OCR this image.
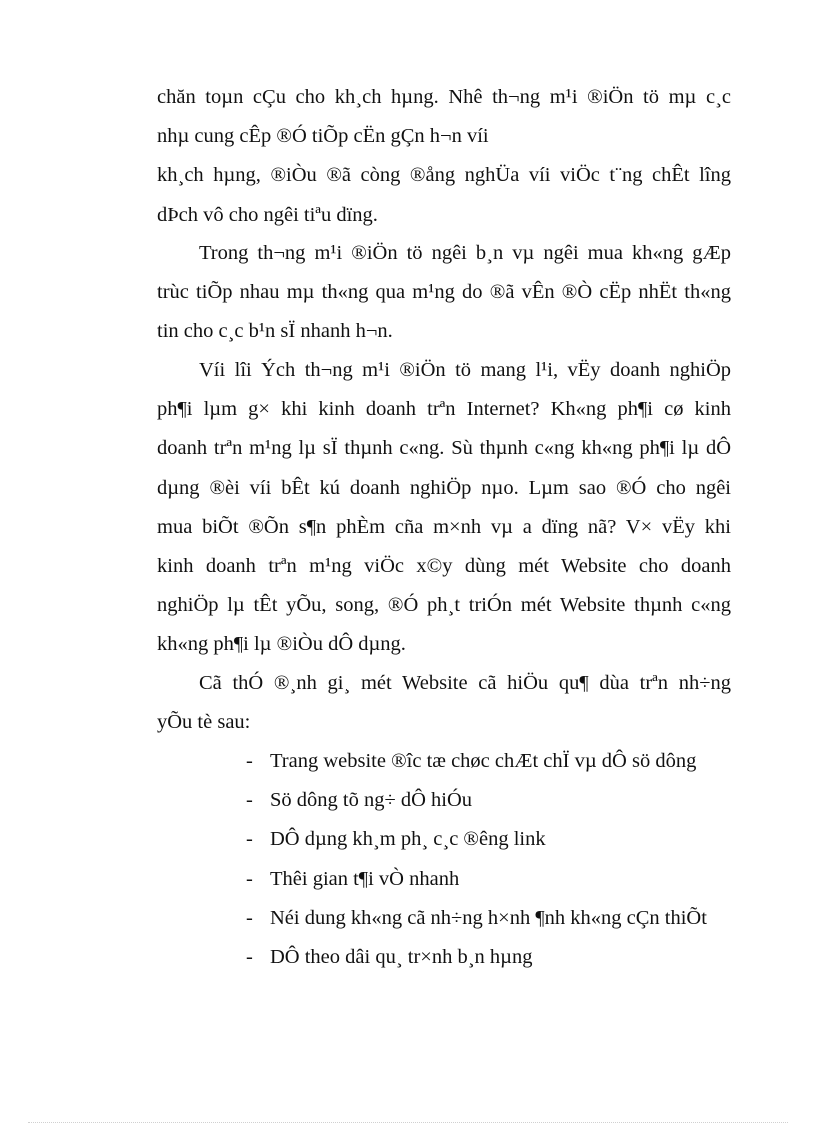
chăn toµn cÇu cho kh¸ch hµng. Nhê th¬ng m¹i ®iÖn tö mµ c¸c
nhµ cung cÊp ®Ó tiÕp cËn gÇn h¬n víi
kh¸ch hµng, ®iÒu ®ã còng ®ång nghÜa víi viÖc t¨ng chÊt lîng
dÞch vô cho ngêi tiªu dïng.
Trong th¬ng m¹i ®iÖn tö ngêi b¸n vµ ngêi mua kh«ng gÆp
trùc tiÕp nhau mµ th«ng qua m¹ng do ®ã vÊn ®Ò cËp nhËt th«ng
tin cho c¸c b¹n sÏ nhanh h¬n.
Víi lîi Ých th¬ng m¹i ®iÖn tö mang l¹i, vËy doanh nghiÖp
ph¶i lµm g× khi kinh doanh trªn Internet? Kh«ng ph¶i cø kinh
doanh trªn m¹ng lµ sÏ thµnh c«ng. Sù thµnh c«ng kh«ng ph¶i lµ dÔ
dµng ®èi víi bÊt kú doanh nghiÖp nµo. Lµm sao ®Ó cho ngêi
mua biÕt ®Õn s¶n phÈm cña m×nh vµ a dïng nã? V× vËy khi
kinh doanh trªn m¹ng viÖc x©y dùng mét Website cho doanh
nghiÖp lµ tÊt yÕu, song, ®Ó ph¸t triÓn mét Website thµnh c«ng
kh«ng ph¶i lµ ®iÒu dÔ dµng.
Cã thÓ ®¸nh gi¸ mét Website cã hiÖu qu¶ dùa trªn nh÷ng
yÕu tè sau:
- Trang website ®îc tæ chøc chÆt chÏ vµ dÔ sö dông
- Sö dông tõ ng÷ dÔ hiÓu
- DÔ dµng kh¸m ph¸ c¸c ®êng link
- Thêi gian t¶i vÒ nhanh
- Néi dung kh«ng cã nh÷ng h×nh ¶nh kh«ng cÇn thiÕt
- DÔ theo dâi qu¸ tr×nh b¸n hµng
